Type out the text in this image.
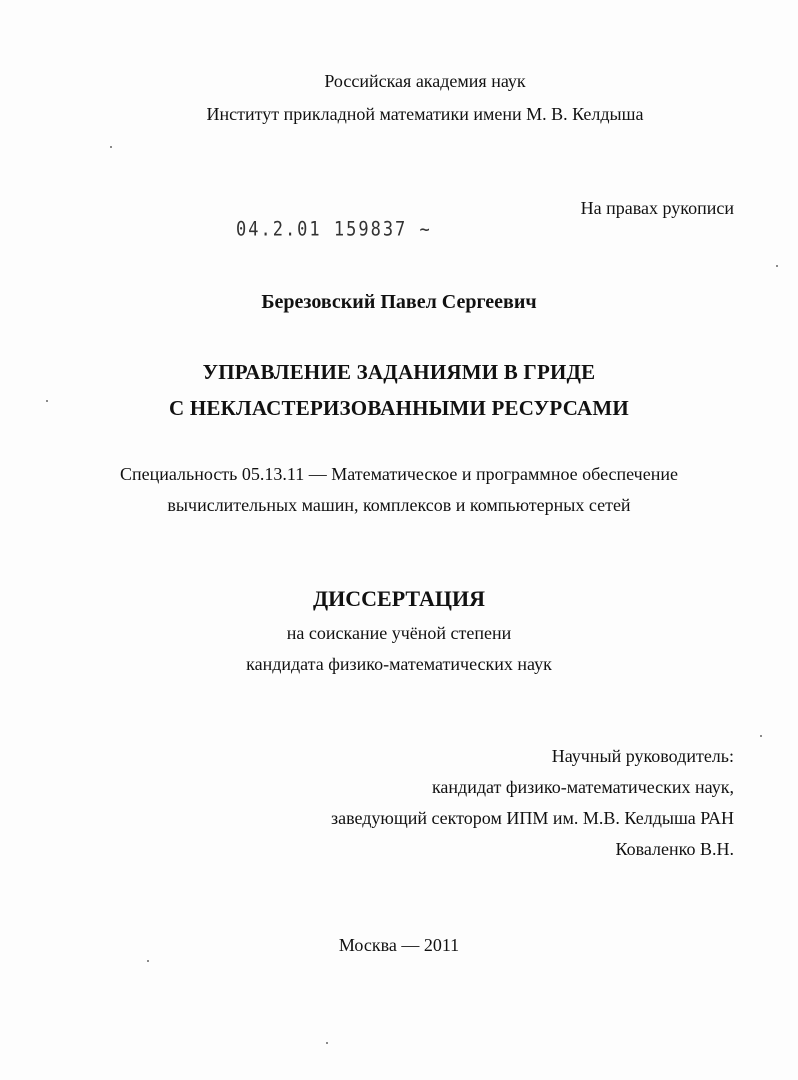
Российская академия наук
Институт прикладной математики имени М. В. Келдыша
На правах рукописи
04.2.01 159837 ~
Березовский Павел Сергеевич
УПРАВЛЕНИЕ ЗАДАНИЯМИ В ГРИДЕ
С НЕКЛАСТЕРИЗОВАННЫМИ РЕСУРСАМИ
Специальность 05.13.11 — Математическое и программное обеспечение
вычислительных машин, комплексов и компьютерных сетей
ДИССЕРТАЦИЯ
на соискание учёной степени
кандидата физико-математических наук
Научный руководитель:
кандидат физико-математических наук,
заведующий сектором ИПМ им. М.В. Келдыша РАН
Коваленко В.Н.
Москва — 2011
